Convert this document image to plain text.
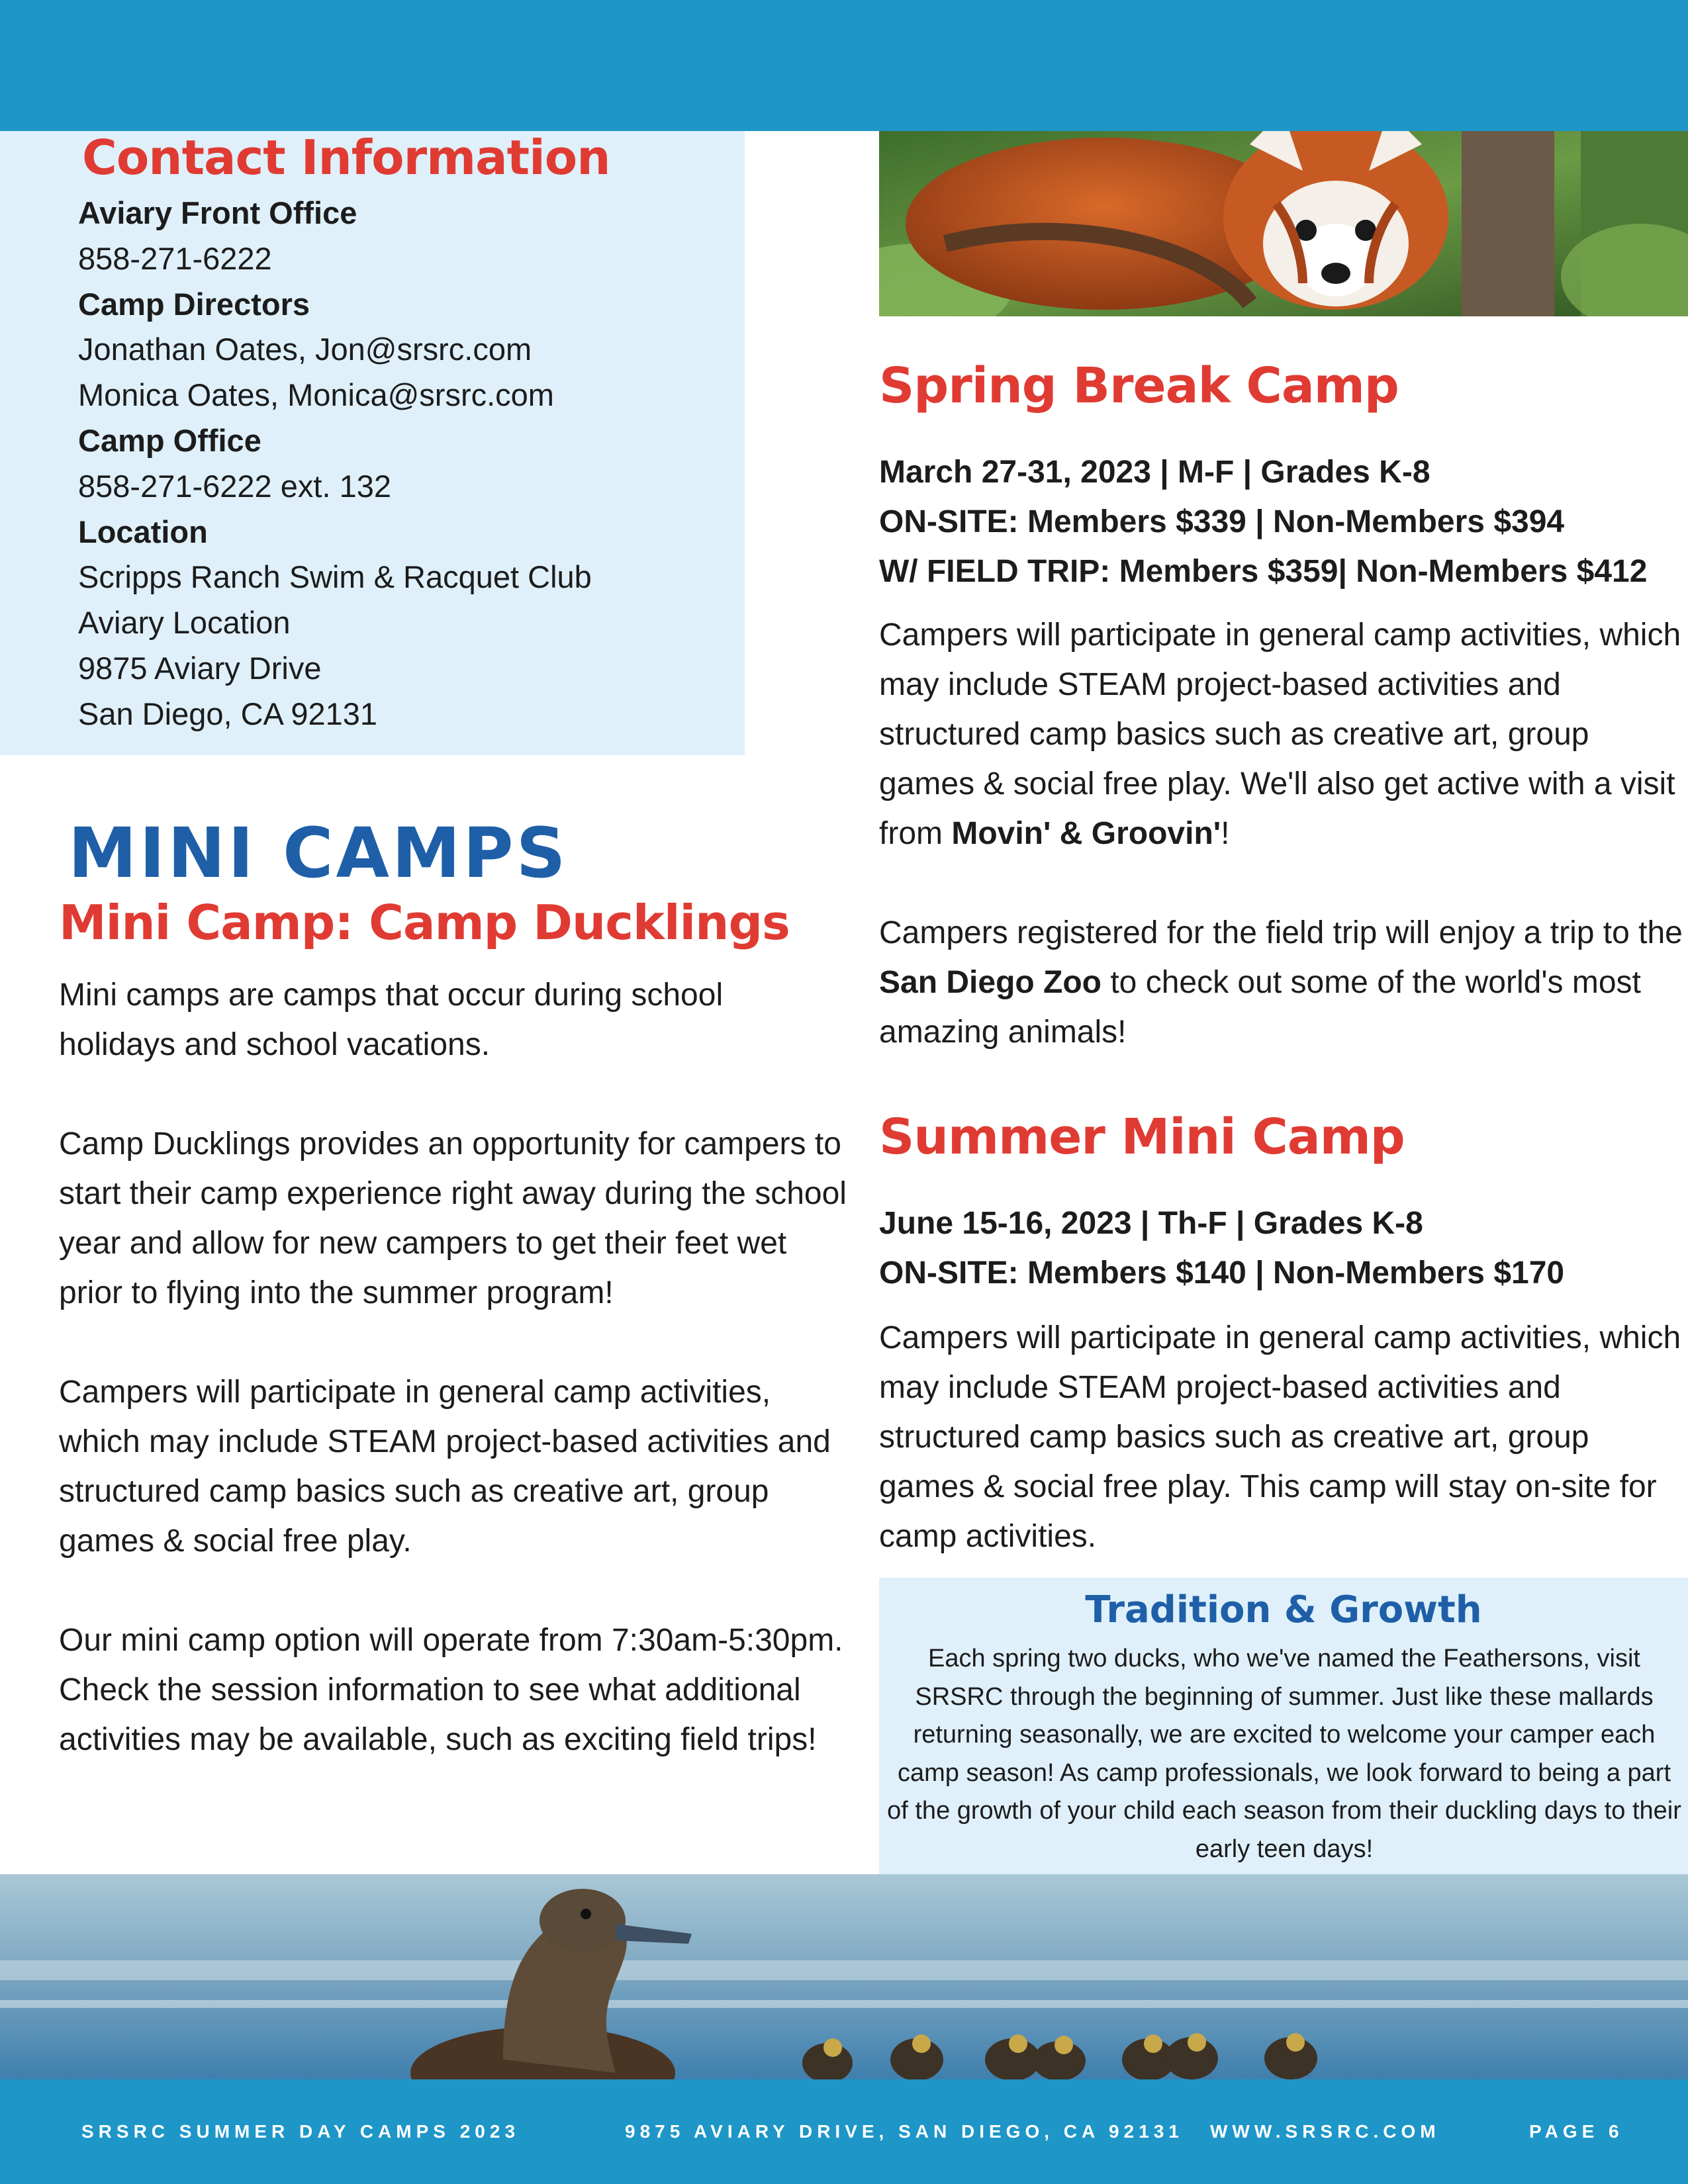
Contact Information
Aviary Front Office
858-271-6222
Camp Directors
Jonathan Oates, Jon@srsrc.com
Monica Oates, Monica@srsrc.com
Camp Office
858-271-6222 ext. 132
Location
Scripps Ranch Swim & Racquet Club
Aviary Location
9875 Aviary Drive
San Diego, CA 92131
MINI CAMPS
Mini Camp: Camp Ducklings
Mini camps are camps that occur during school holidays and school vacations.
Camp Ducklings provides an opportunity for campers to start their camp experience right away during the school year and allow for new campers to get their feet wet prior to flying into the summer program!
Campers will participate in general camp activities, which may include STEAM project-based activities and structured camp basics such as creative art, group games & social free play.
Our mini camp option will operate from 7:30am-5:30pm. Check the session information to see what additional activities may be available, such as exciting field trips!
Spring Break Camp
March 27-31, 2023 | M-F | Grades K-8
ON-SITE: Members $339 | Non-Members $394
W/ FIELD TRIP: Members $359| Non-Members $412
Campers will participate in general camp activities, which may include STEAM project-based activities and structured camp basics such as creative art, group games & social free play. We'll also get active with a visit from Movin' & Groovin'!
Campers registered for the field trip will enjoy a trip to the San Diego Zoo to check out some of the world's most amazing animals!
Summer Mini Camp
June 15-16, 2023 | Th-F | Grades K-8
ON-SITE: Members $140 | Non-Members $170
Campers will participate in general camp activities, which may include STEAM project-based activities and structured camp basics such as creative art, group games & social free play. This camp will stay on-site for camp activities.
Tradition & Growth
Each spring two ducks, who we've named the Feathersons, visit SRSRC through the beginning of summer. Just like these mallards returning seasonally, we are excited to welcome your camper each camp season! As camp professionals, we look forward to being a part of the growth of your child each season from their duckling days to their early teen days!
SRSRC SUMMER DAY CAMPS 2023	9875 AVIARY DRIVE, SAN DIEGO, CA 92131 WWW.SRSRC.COM	PAGE 6
